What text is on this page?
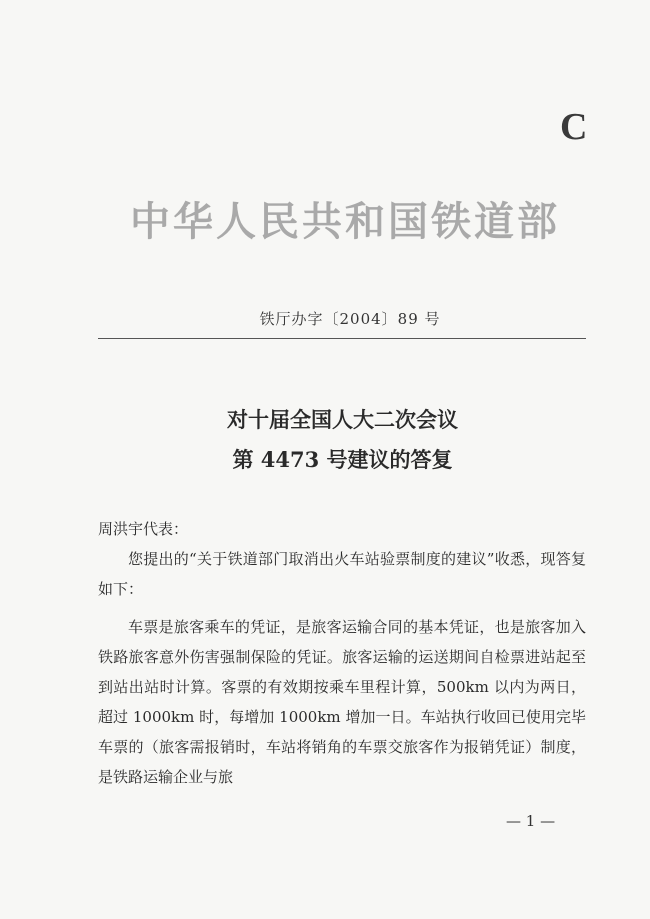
C
中华人民共和国铁道部
铁厅办字〔2004〕89 号
对十届全国人大二次会议
第 4473 号建议的答复

周洪宇代表：

您提出的“关于铁道部门取消出火车站验票制度的建议”收悉，现答复如下：

车票是旅客乘车的凭证，是旅客运输合同的基本凭证，也是旅客加入铁路旅客意外伤害强制保险的凭证。旅客运输的运送期间自检票进站起至到站出站时计算。客票的有效期按乘车里程计算，500km 以内为两日，超过 1000km 时，每增加 1000km 增加一日。车站执行收回已使用完毕车票的（旅客需报销时，车站将销角的车票交旅客作为报销凭证）制度，是铁路运输企业与旅

— 1 —
